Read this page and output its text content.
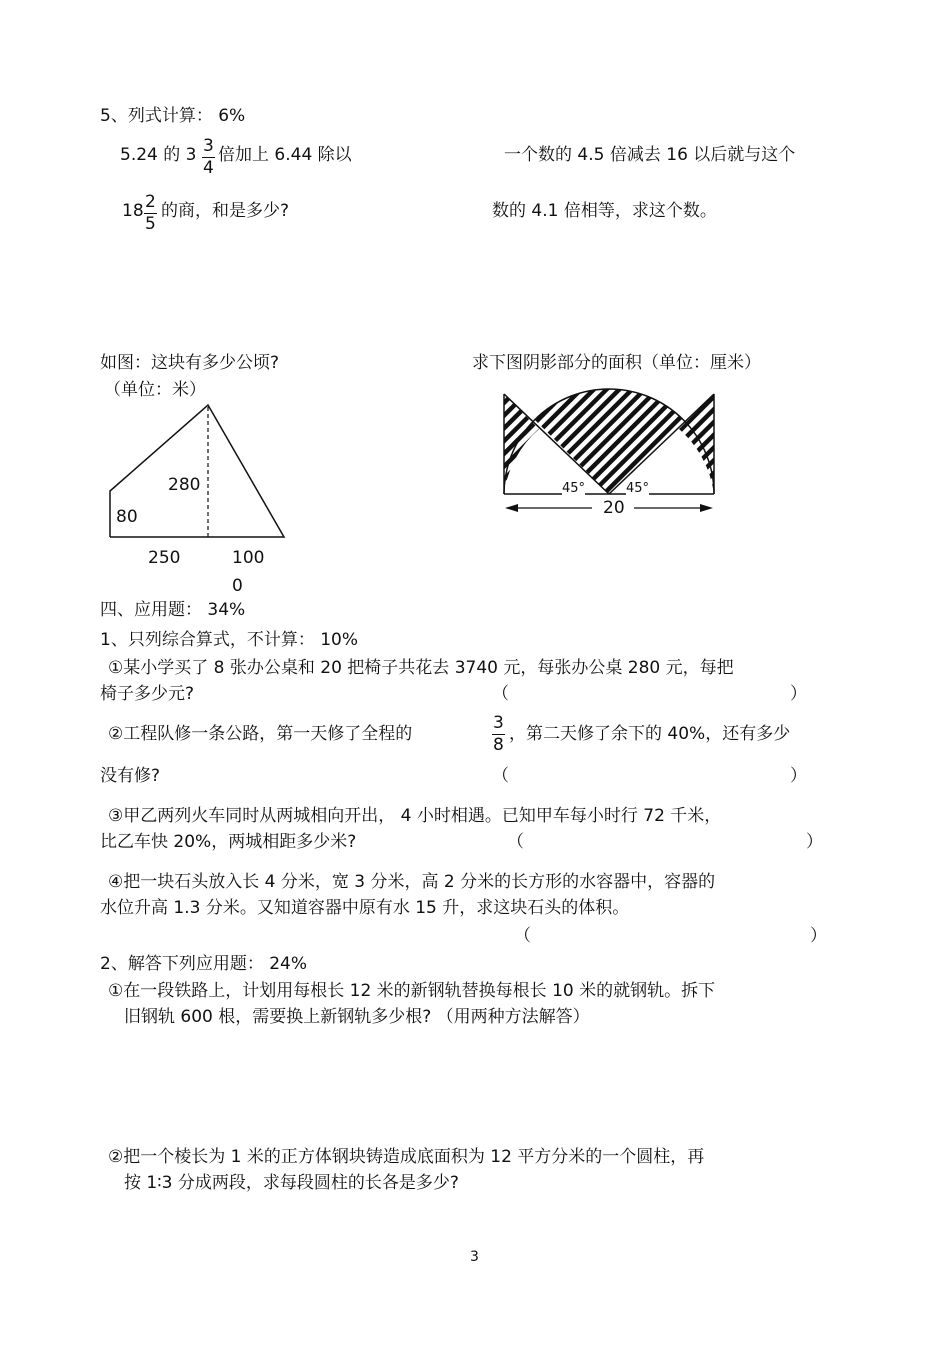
5、列式计算： 6%
5.24 的 $3 \frac{3}{4}$ 倍加上 6.44 除以
$18 \frac{2}{5}$ 的商，和是多少?
一个数的 4.5 倍减去 16 以后就与这个
数的 4.1 倍相等，求这个数。
如图：这块有多少公顷?
（单位：米）
280
80
250	100
0
求下图阴影部分的面积（单位：厘米）
45°	45°
20
四、应用题： 34%
1、只列综合算式，不计算： 10%
①某小学买了 8 张办公桌和 20 把椅子共花去 3740 元，每张办公桌 280 元，每把
椅子多少元?	（	）
②工程队修一条公路，第一天修了全程的	$\frac{3}{8}$ ，第二天修了余下的 40%，还有多少
没有修?	（	）
③甲乙两列火车同时从两城相向开出， 4 小时相遇。已知甲车每小时行 72 千米，
比乙车快 20%，两城相距多少米?	（	）
④把一块石头放入长 4 分米，宽 3 分米，高 2 分米的长方形的水容器中，容器的
水位升高 1.3 分米。又知道容器中原有水 15 升，求这块石头的体积。
（	）
2、解答下列应用题： 24%
①在一段铁路上，计划用每根长 12 米的新钢轨替换每根长 10 米的就钢轨。拆下
旧钢轨 600 根，需要换上新钢轨多少根? （用两种方法解答）
②把一个棱长为 1 米的正方体钢块铸造成底面积为 12 平方分米的一个圆柱，再
按 1∶3 分成两段，求每段圆柱的长各是多少?
3
